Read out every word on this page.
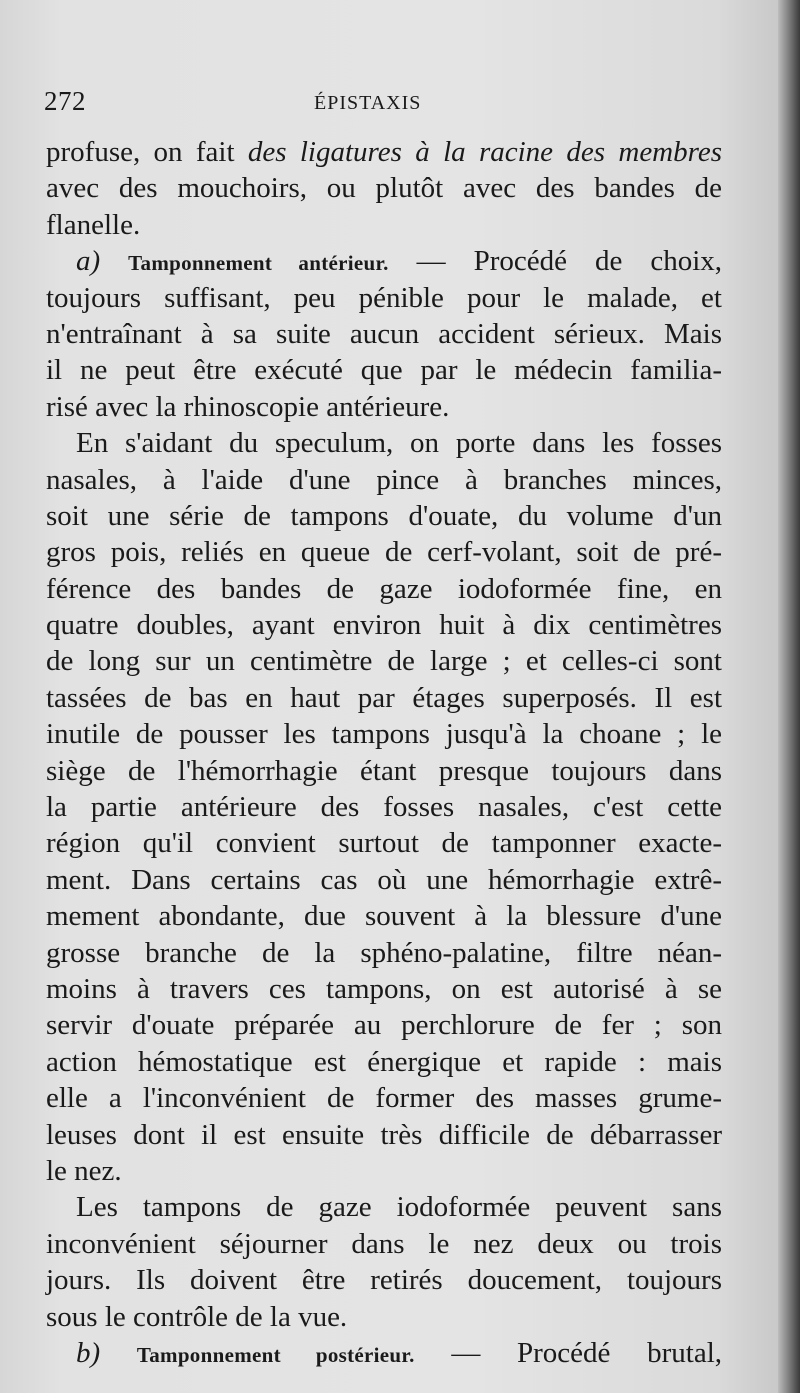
272	ÉPISTAXIS
profuse, on fait des ligatures à la racine des membres
avec des mouchoirs, ou plutôt avec des bandes de
flanelle.
a) Tamponnement antérieur. — Procédé de choix,
toujours suffisant, peu pénible pour le malade, et
n'entraînant à sa suite aucun accident sérieux. Mais
il ne peut être exécuté que par le médecin familia-
risé avec la rhinoscopie antérieure.
En s'aidant du speculum, on porte dans les fosses
nasales, à l'aide d'une pince à branches minces,
soit une série de tampons d'ouate, du volume d'un
gros pois, reliés en queue de cerf-volant, soit de pré-
férence des bandes de gaze iodoformée fine, en
quatre doubles, ayant environ huit à dix centimètres
de long sur un centimètre de large ; et celles-ci sont
tassées de bas en haut par étages superposés. Il est
inutile de pousser les tampons jusqu'à la choane ; le
siège de l'hémorrhagie étant presque toujours dans
la partie antérieure des fosses nasales, c'est cette
région qu'il convient surtout de tamponner exacte-
ment. Dans certains cas où une hémorrhagie extrê-
mement abondante, due souvent à la blessure d'une
grosse branche de la sphéno-palatine, filtre néan-
moins à travers ces tampons, on est autorisé à se
servir d'ouate préparée au perchlorure de fer ; son
action hémostatique est énergique et rapide : mais
elle a l'inconvénient de former des masses grume-
leuses dont il est ensuite très difficile de débarrasser
le nez.
Les tampons de gaze iodoformée peuvent sans
inconvénient séjourner dans le nez deux ou trois
jours. Ils doivent être retirés doucement, toujours
sous le contrôle de la vue.
b) Tamponnement postérieur. — Procédé brutal,
